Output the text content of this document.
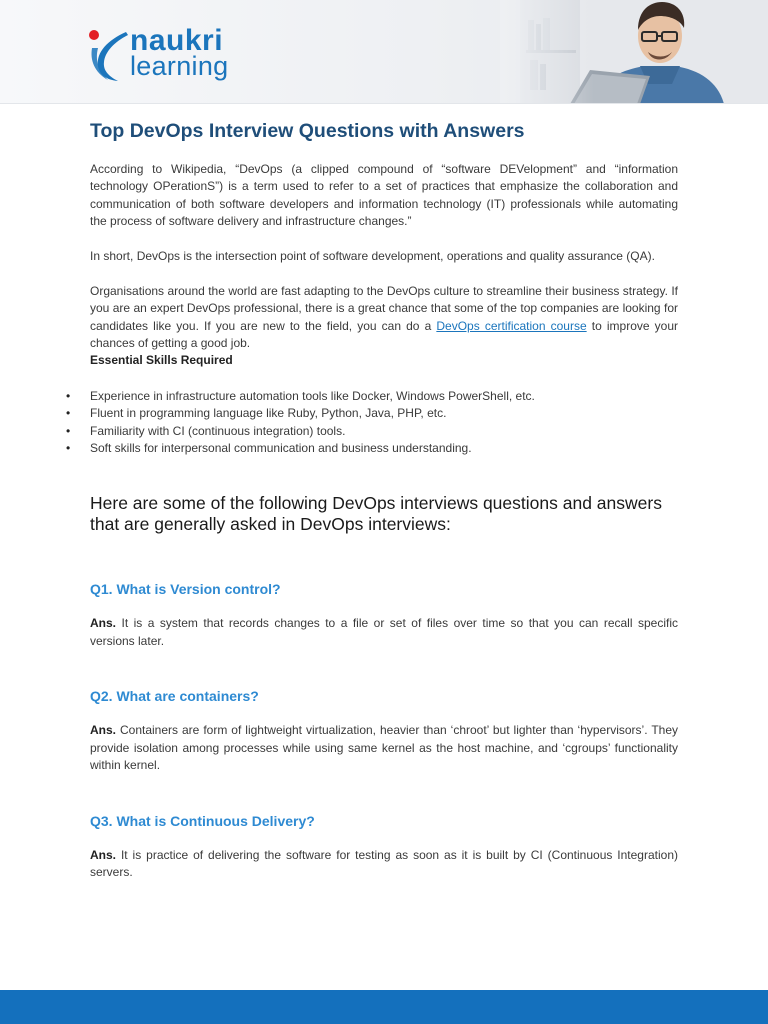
naukri
learning
Top DevOps Interview Questions with Answers

According to Wikipedia, “DevOps (a clipped compound of “software DEVelopment” and “information technology OPerationS”) is a term used to refer to a set of practices that emphasize the collaboration and communication of both software developers and information technology (IT) professionals while automating the process of software delivery and infrastructure changes.”

In short, DevOps is the intersection point of software development, operations and quality assurance (QA).

Organisations around the world are fast adapting to the DevOps culture to streamline their business strategy. If you are an expert DevOps professional, there is a great chance that some of the top companies are looking for candidates like you. If you are new to the field, you can do a DevOps certification course to improve your chances of getting a good job.

Essential Skills Required
• Experience in infrastructure automation tools like Docker, Windows PowerShell, etc.
• Fluent in programming language like Ruby, Python, Java, PHP, etc.
• Familiarity with CI (continuous integration) tools.
• Soft skills for interpersonal communication and business understanding.
Here are some of the following DevOps interviews questions and answers that are generally asked in DevOps interviews:
Q1. What is Version control?

Ans. It is a system that records changes to a file or set of files over time so that you can recall specific versions later.

Q2. What are containers?

Ans. Containers are form of lightweight virtualization, heavier than ‘chroot’ but lighter than ‘hypervisors’. They provide isolation among processes while using same kernel as the host machine, and ‘cgroups’ functionality within kernel.

Q3. What is Continuous Delivery?

Ans. It is practice of delivering the software for testing as soon as it is built by CI (Continuous Integration) servers.
